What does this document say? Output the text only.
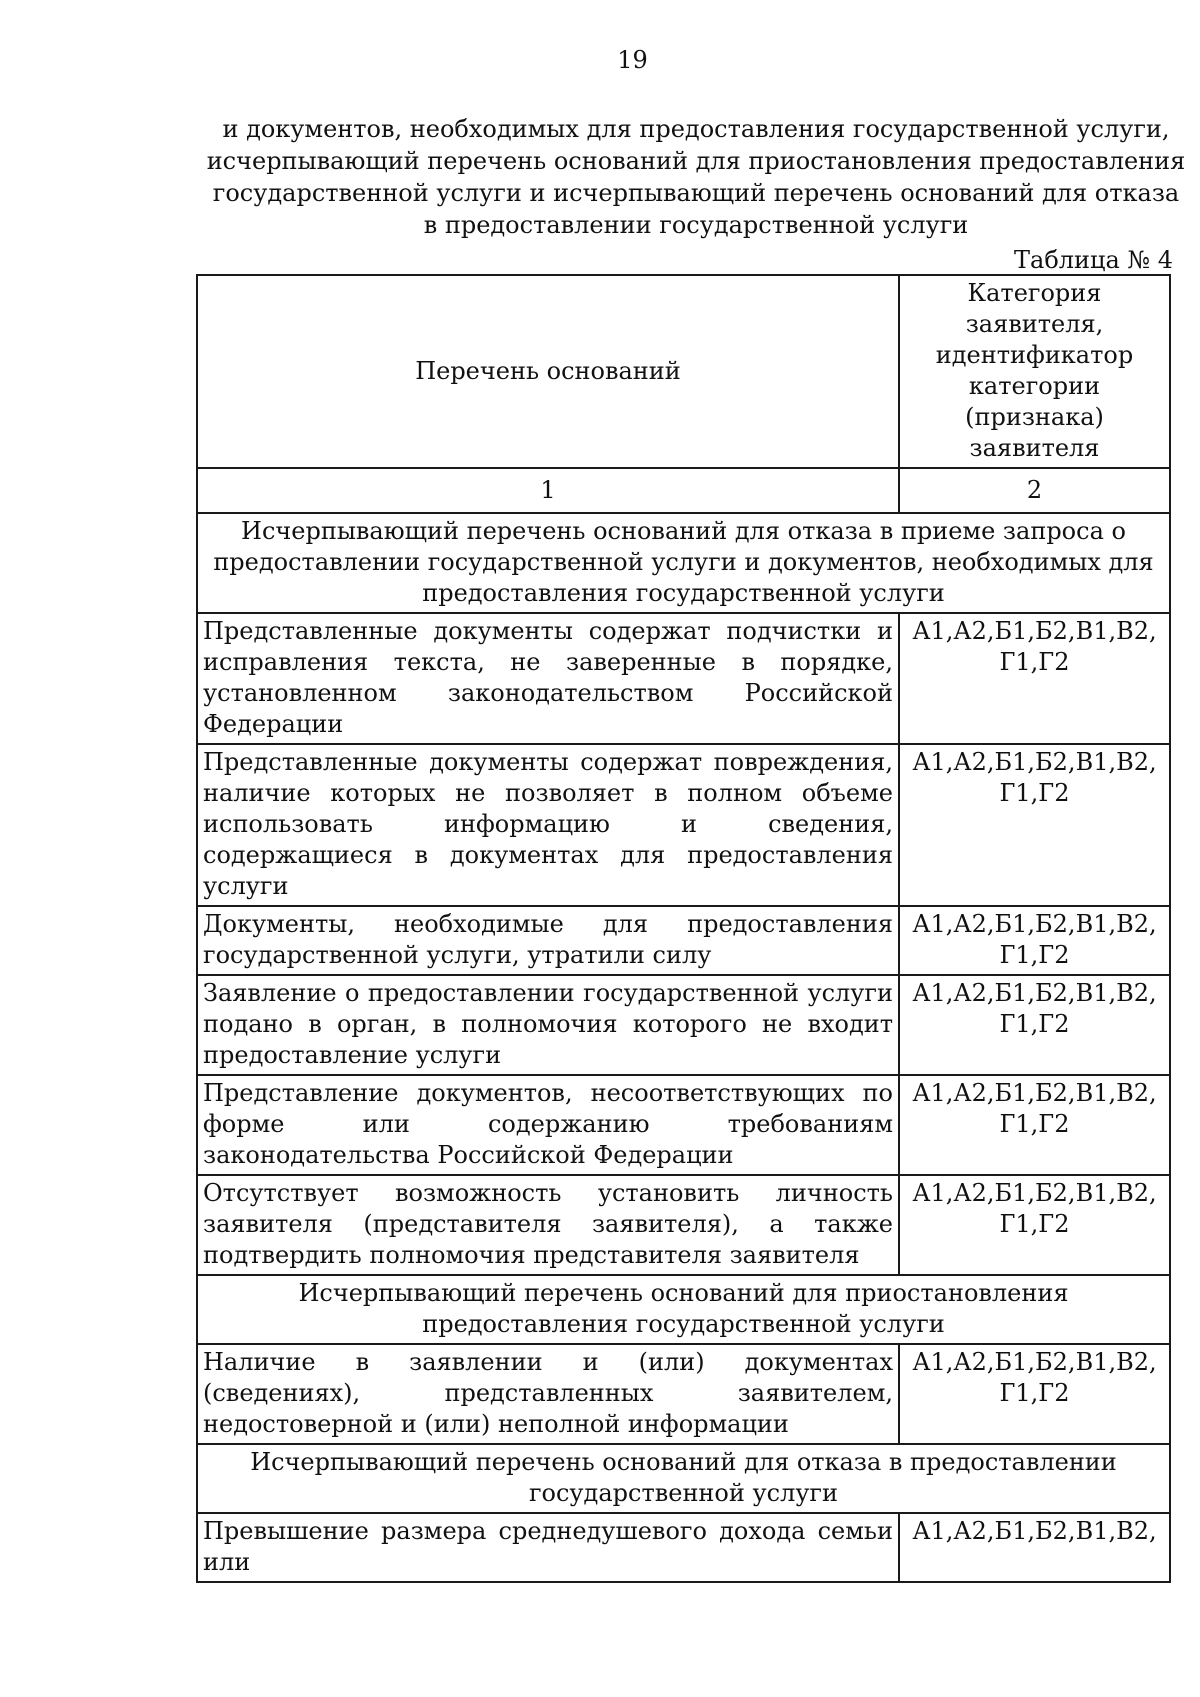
19
и документов, необходимых для предоставления государственной услуги,
исчерпывающий перечень оснований для приостановления предоставления
государственной услуги и исчерпывающий перечень оснований для отказа
в предоставлении государственной услуги
Таблица № 4
Перечень оснований	Категория заявителя,
идентификатор
категории (признака)
заявителя

1	2
Исчерпывающий перечень оснований для отказа в приеме запроса о предоставлении государственной услуги и документов, необходимых для предоставления государственной услуги	
Представленные документы содержат подчистки и исправления текста, не заверенные в порядке, установленном законодательством Российской Федерации	А1,А2,Б1,Б2,В1,В2,
Г1,Г2

Представленные документы содержат повреждения, наличие которых не позволяет в полном объеме использовать информацию и сведения, содержащиеся в документах для предоставления услуги	А1,А2,Б1,Б2,В1,В2,
Г1,Г2

Документы, необходимые для предоставления государственной услуги, утратили силу	А1,А2,Б1,Б2,В1,В2,
Г1,Г2

Заявление о предоставлении государственной услуги подано в орган, в полномочия которого не входит предоставление услуги	А1,А2,Б1,Б2,В1,В2,
Г1,Г2

Представление документов, несоответствующих по форме или содержанию требованиям законодательства Российской Федерации	А1,А2,Б1,Б2,В1,В2,
Г1,Г2

Отсутствует возможность установить личность заявителя (представителя заявителя), а также подтвердить полномочия представителя заявителя	А1,А2,Б1,Б2,В1,В2,
Г1,Г2

Исчерпывающий перечень оснований для приостановления предоставления государственной услуги	
Наличие в заявлении и (или) документах (сведениях), представленных заявителем, недостоверной и (или) неполной информации	А1,А2,Б1,Б2,В1,В2,
Г1,Г2

Исчерпывающий перечень оснований для отказа в предоставлении государственной услуги	
Превышение размера среднедушевого дохода семьи или	А1,А2,Б1,Б2,В1,В2,
